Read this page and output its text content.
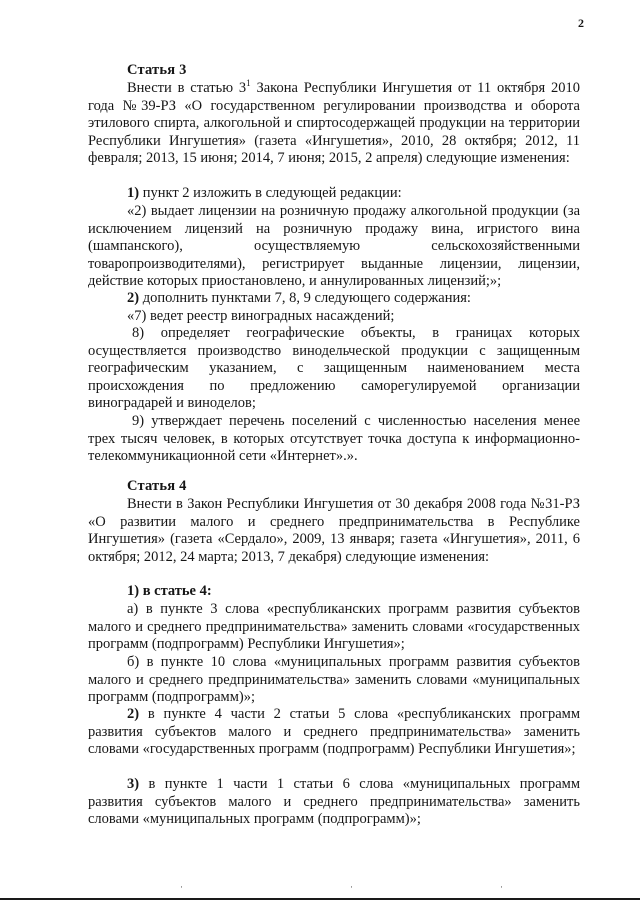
2
Статья 3
Внести в статью $3^1$ Закона Республики Ингушетия от 11 октября 2010 года №39-РЗ «О государственном регулировании производства и оборота этилового спирта, алкогольной и спиртосодержащей продукции на территории Республики Ингушетия» (газета «Ингушетия», 2010, 28 октября; 2012, 11 февраля; 2013, 15 июня; 2014, 7 июня; 2015, 2 апреля) следующие изменения:
1) пункт 2 изложить в следующей редакции:
«2) выдает лицензии на розничную продажу алкогольной продукции (за исключением лицензий на розничную продажу вина, игристого вина (шампанского), осуществляемую сельскохозяйственными товаропроизводителями), регистрирует выданные лицензии, лицензии, действие которых приостановлено, и аннулированных лицензий;»;
2) дополнить пунктами 7, 8, 9 следующего содержания:
«7) ведет реестр виноградных насаждений;
8) определяет географические объекты, в границах которых осуществляется производство винодельческой продукции с защищенным географическим указанием, с защищенным наименованием места происхождения по предложению саморегулируемой организации виноградарей и виноделов;
9) утверждает перечень поселений с численностью населения менее трех тысяч человек, в которых отсутствует точка доступа к информационно-телекоммуникационной сети «Интернет».».
Статья 4
Внести в Закон Республики Ингушетия от 30 декабря 2008 года №31-РЗ «О развитии малого и среднего предпринимательства в Республике Ингушетия» (газета «Сердало», 2009, 13 января; газета «Ингушетия», 2011, 6 октября; 2012, 24 марта; 2013, 7 декабря) следующие изменения:
1) в статье 4:
а) в пункте 3 слова «республиканских программ развития субъектов малого и среднего предпринимательства» заменить словами «государственных программ (подпрограмм) Республики Ингушетия»;
б) в пункте 10 слова «муниципальных программ развития субъектов малого и среднего предпринимательства» заменить словами «муниципальных программ (подпрограмм)»;
2) в пункте 4 части 2 статьи 5 слова «республиканских программ развития субъектов малого и среднего предпринимательства» заменить словами «государственных программ (подпрограмм) Республики Ингушетия»;
3) в пункте 1 части 1 статьи 6 слова «муниципальных программ развития субъектов малого и среднего предпринимательства» заменить словами «муниципальных программ (подпрограмм)»;
·	·	·
